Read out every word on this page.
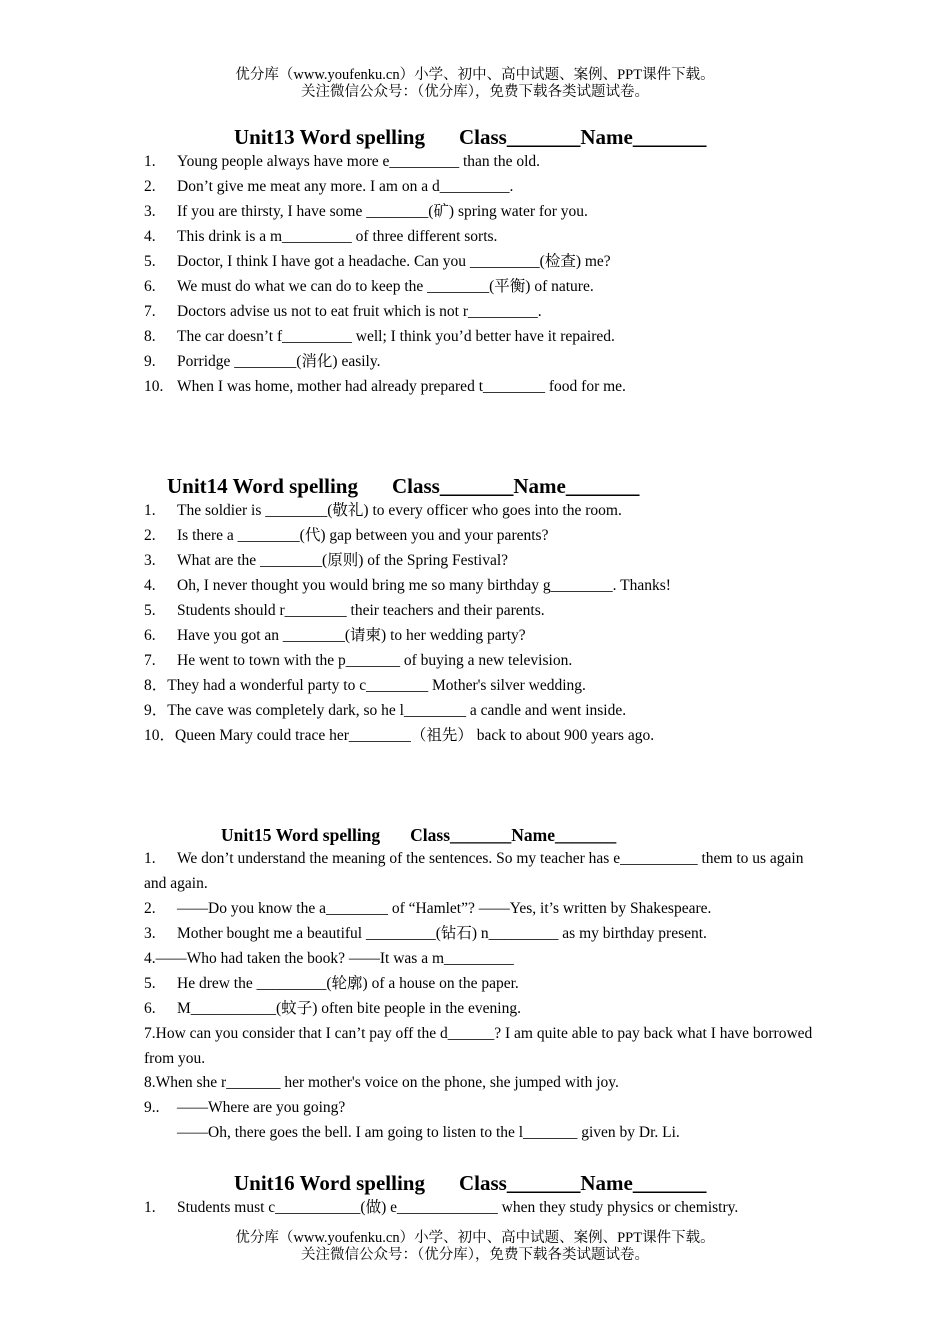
优分库（www.youfenku.cn）小学、初中、高中试题、案例、PPT课件下载。
关注微信公众号：（优分库），免费下载各类试题试卷。
Unit13 Word spelling Class_______Name_______
1. Young people always have more e_________ than the old.
2. Don’t give me meat any more. I am on a d_________.
3. If you are thirsty, I have some ________(矿) spring water for you.
4. This drink is a m_________ of three different sorts.
5. Doctor, I think I have got a headache. Can you _________(检查) me?
6. We must do what we can do to keep the ________(平衡) of nature.
7. Doctors advise us not to eat fruit which is not r_________.
8. The car doesn’t f_________ well; I think you’d better have it repaired.
9. Porridge ________(消化) easily.
10. When I was home, mother had already prepared t________ food for me.
Unit14 Word spelling Class_______Name_______
1. The soldier is ________(敬礼) to every officer who goes into the room.
2. Is there a ________(代) gap between you and your parents?
3. What are the ________(原则) of the Spring Festival?
4. Oh, I never thought you would bring me so many birthday g________. Thanks!
5. Students should r________ their teachers and their parents.
6. Have you got an ________(请柬) to her wedding party?
7. He went to town with the p_______ of buying a new television.
8．They had a wonderful party to c________ Mother's silver wedding.
9．The cave was completely dark, so he l________ a candle and went inside.
10．Queen Mary could trace her________（祖先） back to about 900 years ago.
Unit15 Word spelling Class_______Name_______
1. We don’t understand the meaning of the sentences. So my teacher has e__________ them to us again and again.
2. ——Do you know the a________ of “Hamlet”? ——Yes, it’s written by Shakespeare.
3. Mother bought me a beautiful _________(钻石) n_________ as my birthday present.
4.——Who had taken the book? ——It was a m_________
5. He drew the _________(轮廓) of a house on the paper.
6. M___________(蚊子) often bite people in the evening.
7.How can you consider that I can’t pay off the d______? I am quite able to pay back what I have borrowed from you.
8.When she r_______ her mother's voice on the phone, she jumped with joy.
9.. ——Where are you going?
——Oh, there goes the bell. I am going to listen to the l_______ given by Dr. Li.
Unit16 Word spelling Class_______Name_______
1. Students must c___________(做) e_____________ when they study physics or chemistry.
优分库（www.youfenku.cn）小学、初中、高中试题、案例、PPT课件下载。
关注微信公众号：（优分库），免费下载各类试题试卷。
